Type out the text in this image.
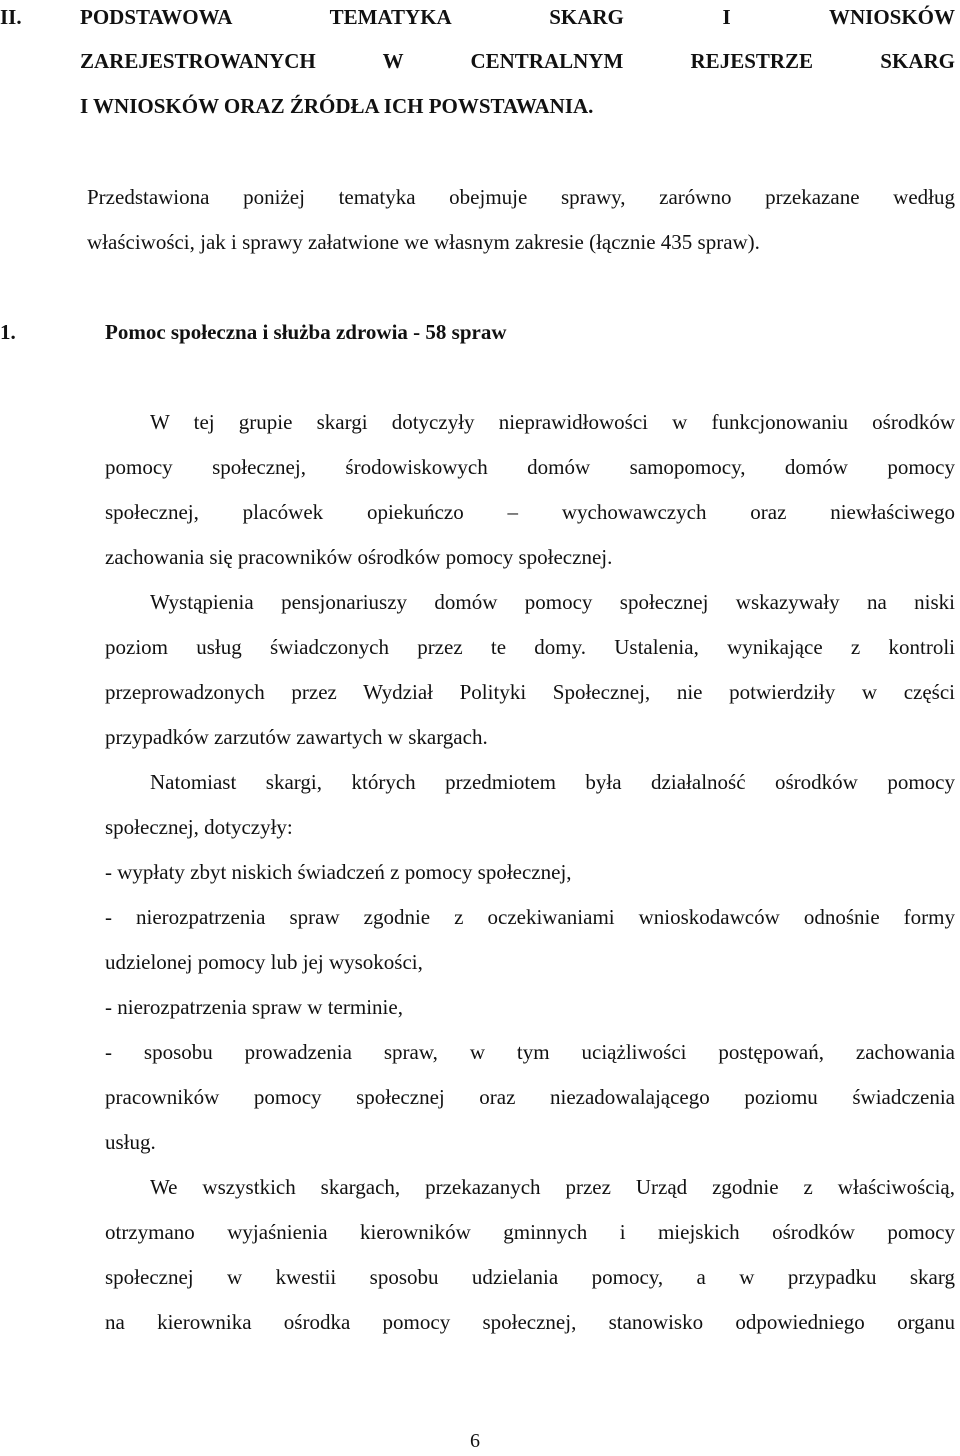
II.	PODSTAWOWA TEMATYKA SKARG I WNIOSKÓW
ZAREJESTROWANYCH W CENTRALNYM REJESTRZE SKARG
I WNIOSKÓW ORAZ ŹRÓDŁA ICH POWSTAWANIA.
Przedstawiona poniżej tematyka obejmuje sprawy, zarówno przekazane według
właściwości, jak i sprawy załatwione we własnym zakresie (łącznie 435 spraw).
1.	Pomoc społeczna i służba zdrowia - 58 spraw
W tej grupie skargi dotyczyły nieprawidłowości w funkcjonowaniu ośrodków
pomocy społecznej, środowiskowych domów samopomocy, domów pomocy
społecznej, placówek opiekuńczo – wychowawczych oraz niewłaściwego
zachowania się pracowników ośrodków pomocy społecznej.
Wystąpienia pensjonariuszy domów pomocy społecznej wskazywały na niski
poziom usług świadczonych przez te domy. Ustalenia, wynikające z kontroli
przeprowadzonych przez Wydział Polityki Społecznej, nie potwierdziły w części
przypadków zarzutów zawartych w skargach.
Natomiast skargi, których przedmiotem była działalność ośrodków pomocy
społecznej, dotyczyły:
- wypłaty zbyt niskich świadczeń z pomocy społecznej,
- nierozpatrzenia spraw zgodnie z oczekiwaniami wnioskodawców odnośnie formy
udzielonej pomocy lub jej wysokości,
- nierozpatrzenia spraw w terminie,
- sposobu prowadzenia spraw, w tym uciążliwości postępowań, zachowania
pracowników pomocy społecznej oraz niezadowalającego poziomu świadczenia
usług.
We wszystkich skargach, przekazanych przez Urząd zgodnie z właściwością,
otrzymano wyjaśnienia kierowników gminnych i miejskich ośrodków pomocy
społecznej w kwestii sposobu udzielania pomocy, a w przypadku skarg
na kierownika ośrodka pomocy społecznej, stanowisko odpowiedniego organu
6
